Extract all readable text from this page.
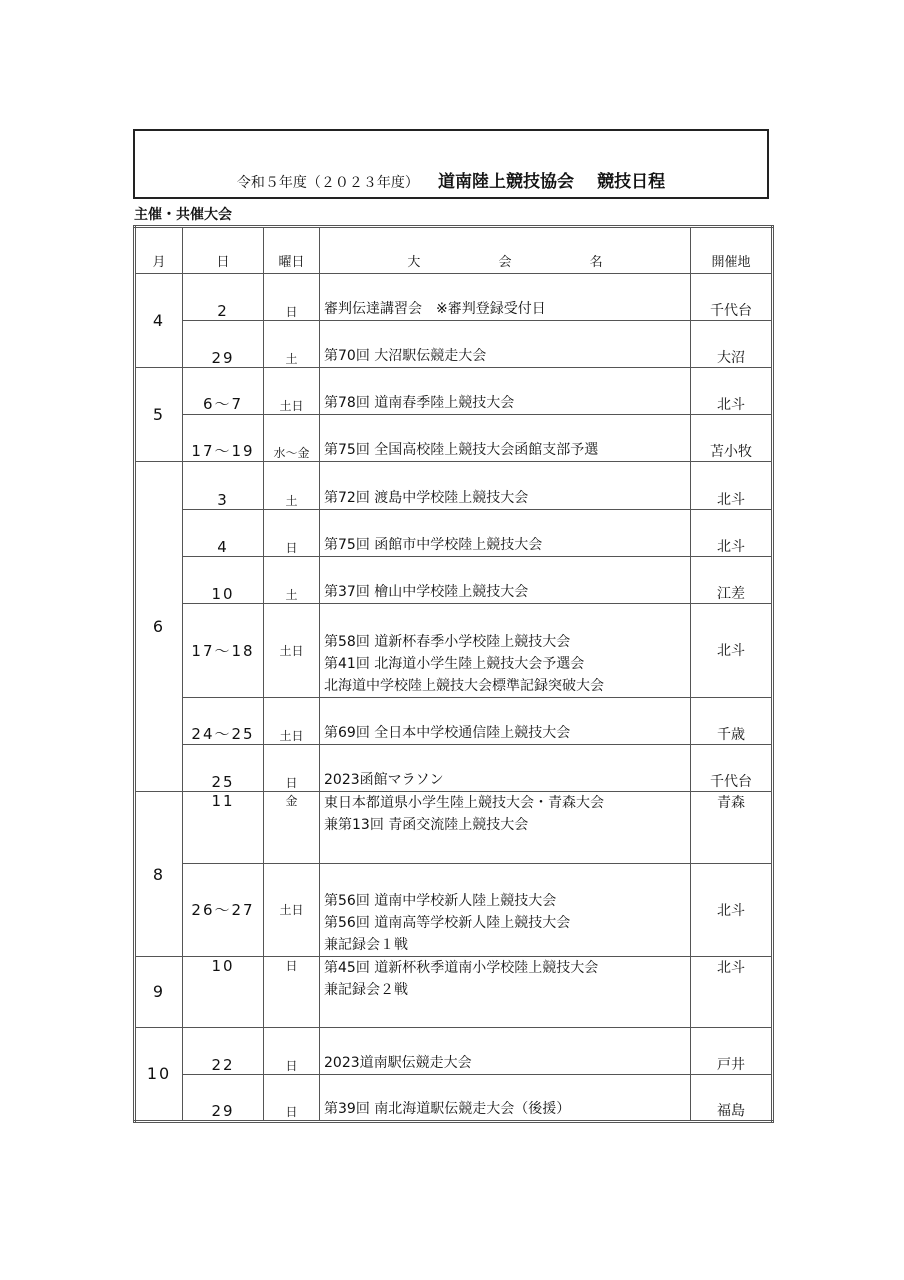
令和５年度（２０２３年度） 道南陸上競技協会 競技日程
主催・共催大会
月	日	曜日	大 会 名	開催地
4	2	日	審判伝達講習会　※審判登録受付日	千代台
	29	土	第70回 大沼駅伝競走大会	大沼
5	6〜7	土日	第78回 道南春季陸上競技大会	北斗
	17〜19	水〜金	第75回 全国高校陸上競技大会函館支部予選	苫小牧
6	3	土	第72回 渡島中学校陸上競技大会	北斗
	4	日	第75回 函館市中学校陸上競技大会	北斗
	10	土	第37回 檜山中学校陸上競技大会	江差
	17〜18	土日	第58回 道新杯春季小学校陸上競技大会
第41回 北海道小学生陸上競技大会予選会
北海道中学校陸上競技大会標準記録突破大会	北斗
	24〜25	土日	第69回 全日本中学校通信陸上競技大会	千歳
	25	日	2023函館マラソン	千代台
8	11	金	東日本都道県小学生陸上競技大会・青森大会
兼第13回 青函交流陸上競技大会	青森
	26〜27	土日	第56回 道南中学校新人陸上競技大会
第56回 道南高等学校新人陸上競技大会
兼記録会１戦	北斗
9	10	日	第45回 道新杯秋季道南小学校陸上競技大会
兼記録会２戦	北斗
10	22	日	2023道南駅伝競走大会	戸井
	29	日	第39回 南北海道駅伝競走大会（後援）	福島
